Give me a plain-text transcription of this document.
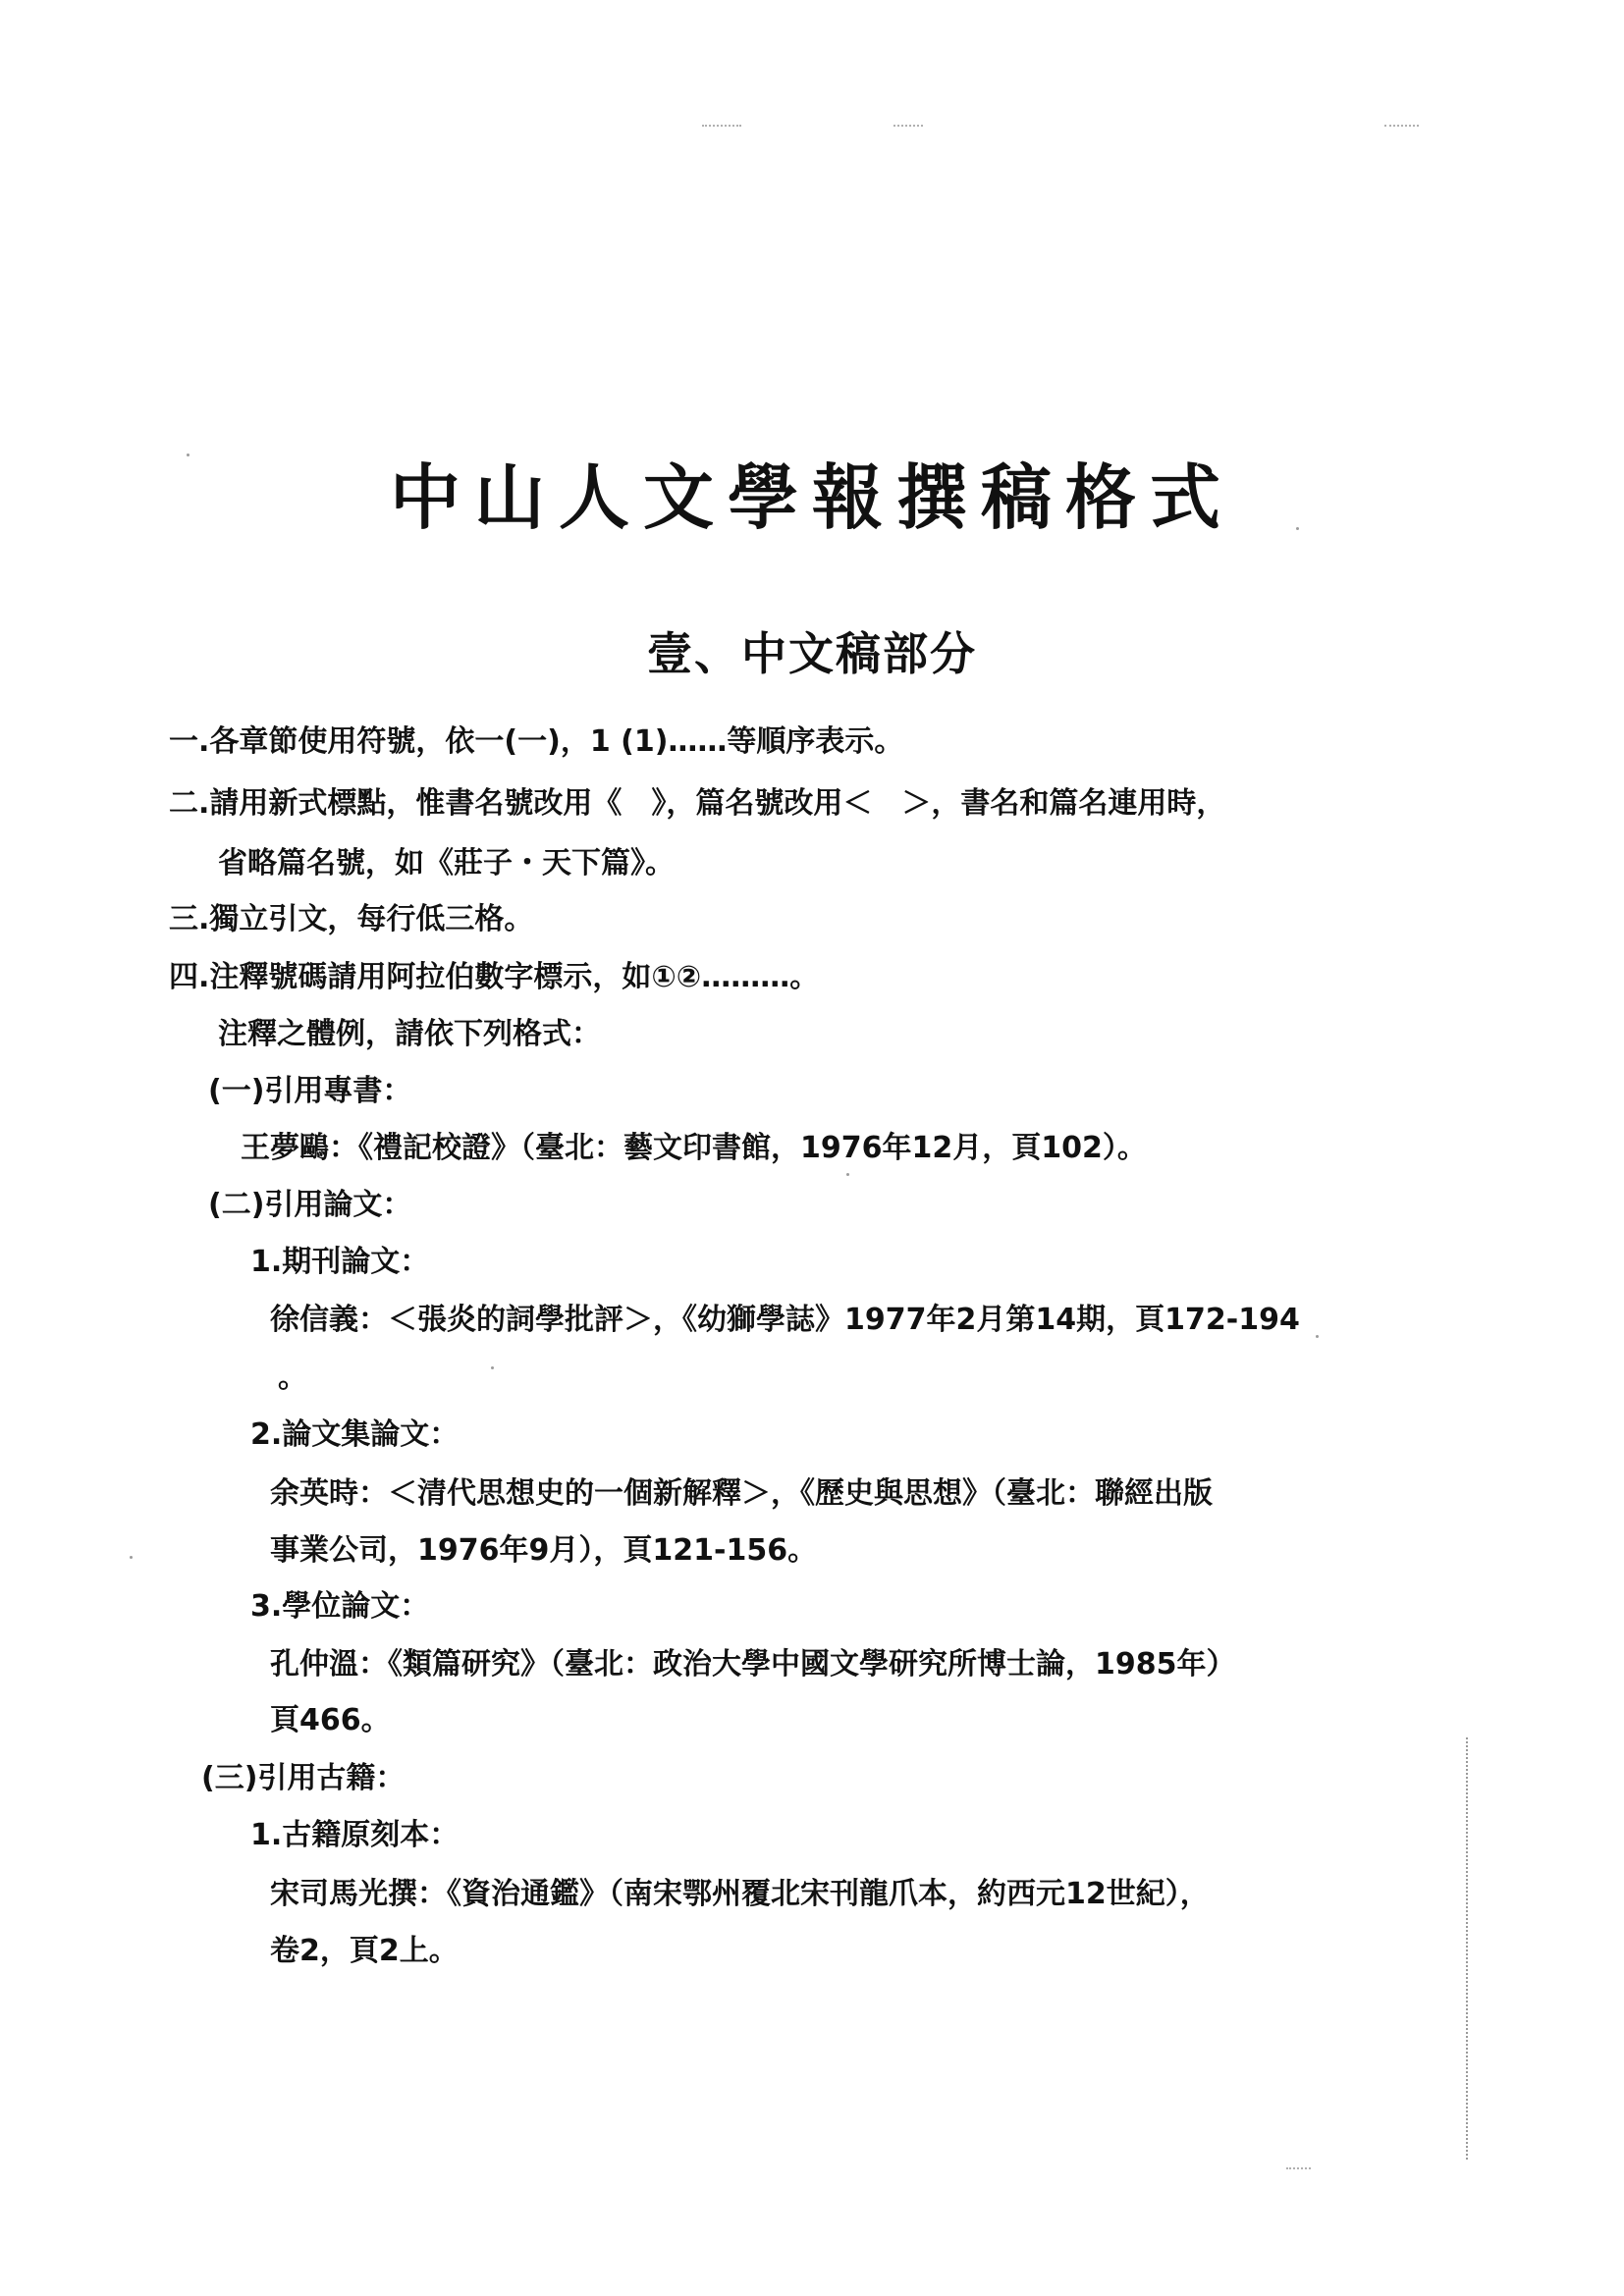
中山人文學報撰稿格式
壹、中文稿部分

一.各章節使用符號，依一(一)，1 (1)……等順序表示。

二.請用新式標點，惟書名號改用《　》，篇名號改用＜　＞，書名和篇名連用時，

省略篇名號，如《莊子・天下篇》。

三.獨立引文，每行低三格。

四.注釋號碼請用阿拉伯數字標示，如①②………。

注釋之體例，請依下列格式：

(一)引用專書：

王夢鷗：《禮記校證》（臺北：藝文印書館，1976年12月，頁102）。

(二)引用論文：

1.期刊論文：

徐信義：＜張炎的詞學批評＞，《幼獅學誌》1977年2月第14期，頁172-194

。

2.論文集論文：

余英時：＜清代思想史的一個新解釋＞，《歷史與思想》（臺北：聯經出版

事業公司，1976年9月），頁121-156。

3.學位論文：

孔仲溫：《類篇研究》（臺北：政治大學中國文學研究所博士論，1985年）

頁466。

(三)引用古籍：

1.古籍原刻本：

宋司馬光撰：《資治通鑑》（南宋鄂州覆北宋刊龍爪本，約西元12世紀），

卷2，頁2上。
